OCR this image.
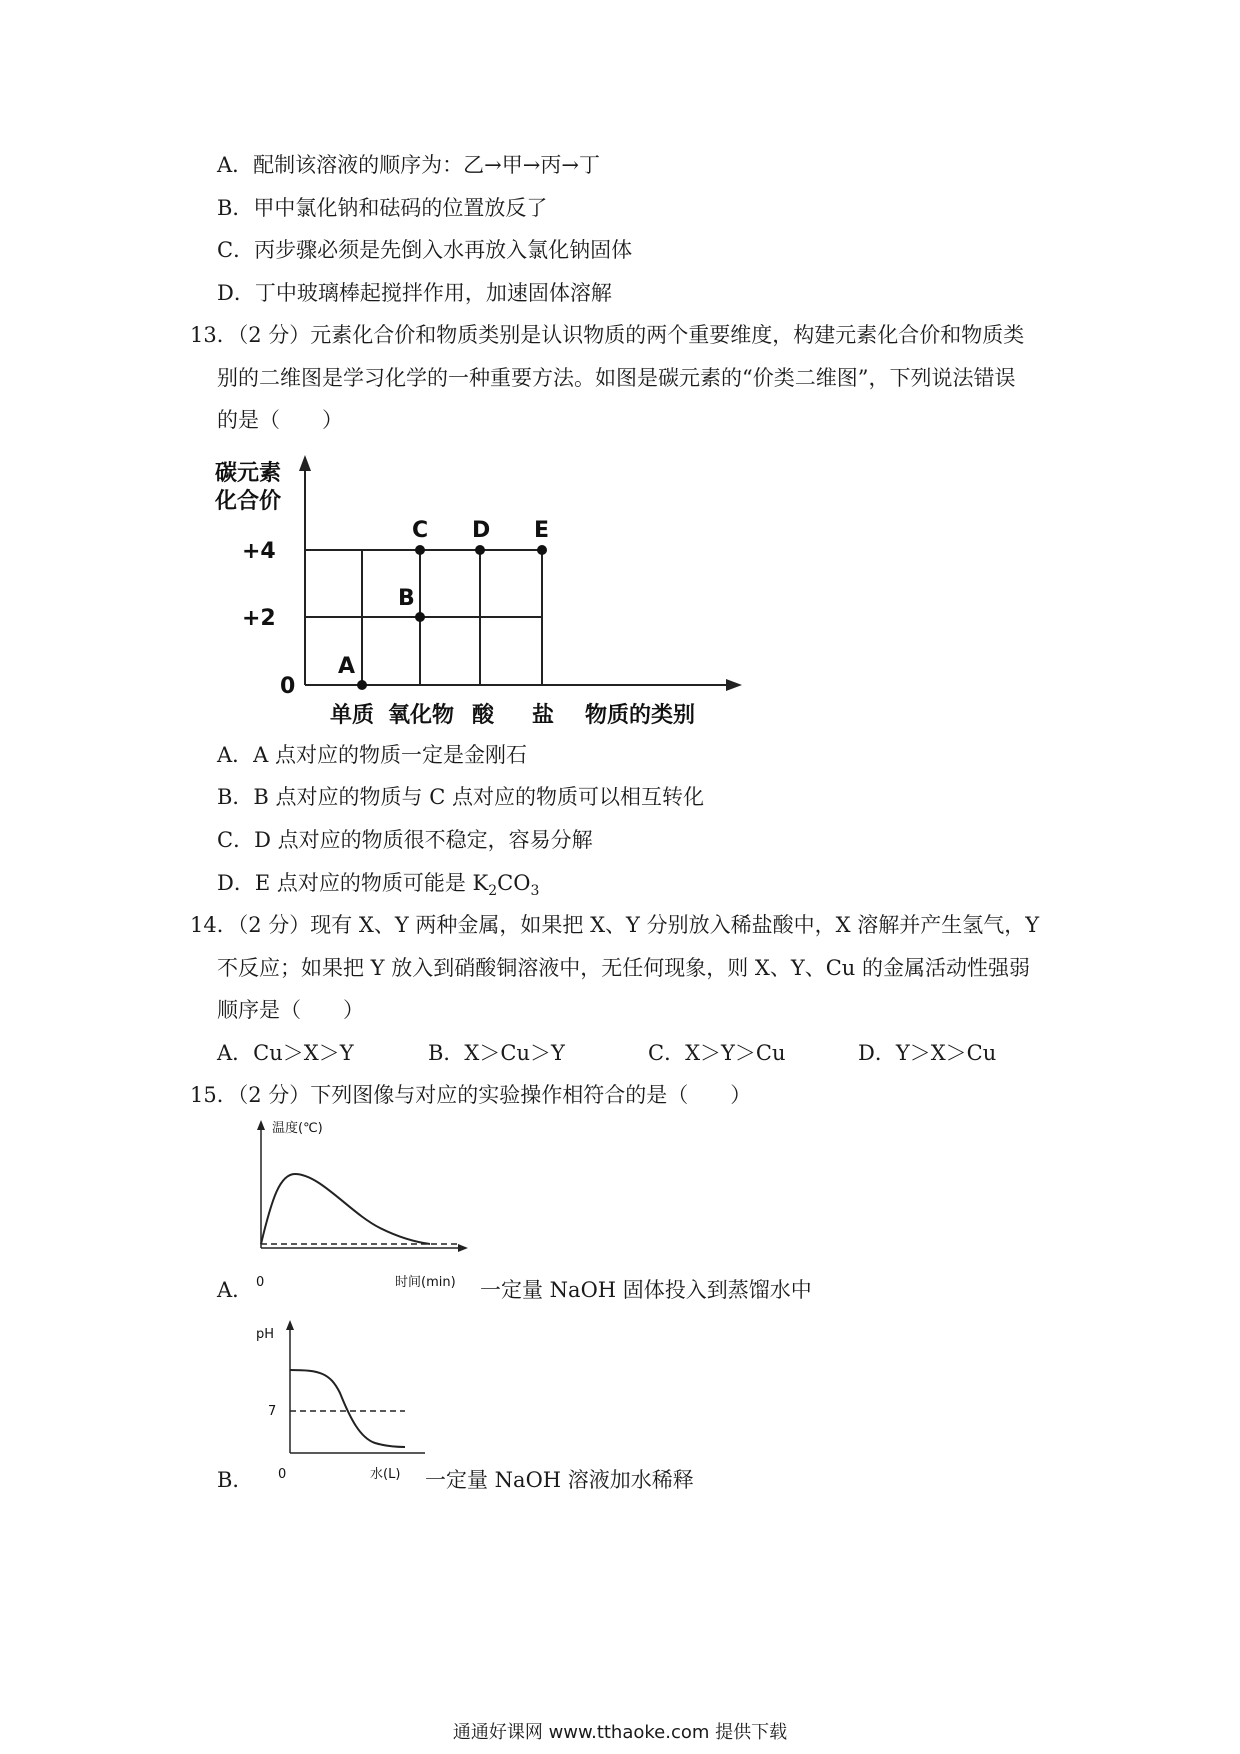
A．配制该溶液的顺序为：乙→甲→丙→丁
B．甲中氯化钠和砝码的位置放反了
C．丙步骤必须是先倒入水再放入氯化钠固体
D．丁中玻璃棒起搅拌作用，加速固体溶解
13．（2 分）元素化合价和物质类别是认识物质的两个重要维度，构建元素化合价和物质类
别的二维图是学习化学的一种重要方法。如图是碳元素的“价类二维图”，下列说法错误
的是（　　）
碳元素
化合价
+4
+2
0
A
B
C D E
单质 氧化物 酸 盐 物质的类别
A．A 点对应的物质一定是金刚石
B．B 点对应的物质与 C 点对应的物质可以相互转化
C．D 点对应的物质很不稳定，容易分解
D．E 点对应的物质可能是 $K_2CO_3$
14．（2 分）现有 X、Y 两种金属，如果把 X、Y 分别放入稀盐酸中，X 溶解并产生氢气，Y
不反应；如果把 Y 放入到硝酸铜溶液中，无任何现象，则 X、Y、Cu 的金属活动性强弱
顺序是（　　）
A．Cu＞X＞Y	B．X＞Cu＞Y	C．X＞Y＞Cu	D．Y＞X＞Cu
15．（2 分）下列图像与对应的实验操作相符合的是（　　）
温度(℃)
0	时间(min)
A．	一定量 NaOH 固体投入到蒸馏水中
pH
7
0	水(L)
B．	一定量 NaOH 溶液加水稀释
通通好课网 www.tthaoke.com 提供下载
